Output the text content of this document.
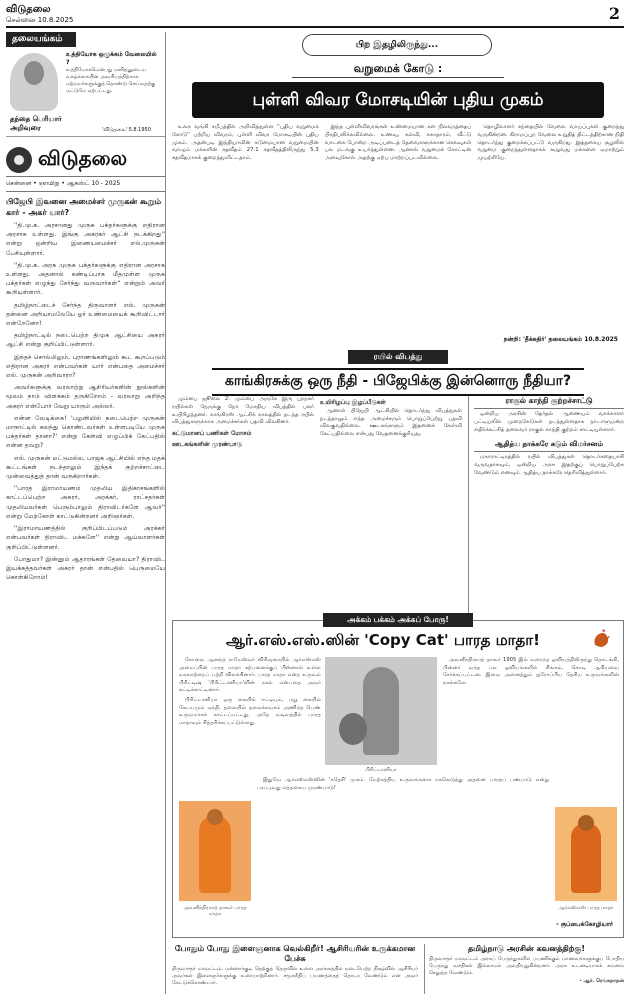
விடுதலை
சென்னை 10.8.2025	2
தலையங்கம்
தந்தை பெரியார் அறிவுரை
உத்தியோக ஒழுக்கம் வேலையில் ?
உத்தியோகமென்பது மனிதனுடைய வாழ்க்கையின் அவசியத்திற்காக மற்றவர்களுக்குத் தொண்டு செய்வதற்கு மட்டுமே ஏற்பட்டது.
'விடுதலை' 5.8.1950
விடுதலை
சென்னை • ஞாயிறு • ஆகஸ்ட் 10 - 2025
பிஜேபி இவனை அமைச்சர் முருகன் கூறும் கார் - அகர் யார்?

''தி.மு.க. அரசானது முருக பக்தர்களுக்கு எதிரான அரசாக உள்ளது. இங்கு அகரகர் ஆட்சி நடக்கிறது'' என்று ஒன்றிய இணையமைச்சர் எல்.முருகன் பேசியுள்ளார்.

''தி.மு.க. அரசு முருக பக்தர்களுக்கு எதிரான அரசாக உள்ளது. அதனால் கண்டிப்பாக மீதமுள்ள முருக பக்தர்கள் எழுந்து சேர்ந்து வருவார்கள்'' என்றும் அவர் கூறியுள்ளார்.

தமிழ்நாட்டைச் சேர்ந்த திருவாளர் எல். முருகன் தன்னை அறியாமலேயே ஓர் உண்மையைக் கூறிவிட்டார் என்றேனோ!

தமிழ்நாட்டில் நடைபெற்ற திமுக ஆட்சியை அசுரர் ஆட்சி என்று குறிப்பிட்டுள்ளார்.

இந்தச் சொல்லிலும், புராணங்களிலும் கூட கூறப்படும் எதிரான அசுரர் என்பவர்கள் யார் என்பதை அமைச்சர் எல். முருகன் அறிவாரா?

அவர்களுக்கு வரலாற்று ஆசிரியர்களின் நூல்களின் மூலம் நாம் விளக்கம் தருகிறோம் - வரலாறு அறிந்த அசுரர் என்போர் வேறு யாரும் அல்லர்.

என்ன வேடிக்கை! 'பழனியில் நடைபெற்ற முருகன் மாநாட்டில் கலந்து கொண்டவர்கள் உள்ளபடியே முருக பக்தர்கள் தானா?' என்று கேள்வி எழுப்பிக் கேட்பதில் என்ன தவறு?

எல். முருகன் மட்டுமல்ல, பாஜக ஆட்சியில் எந்த மதக் கூட்டங்கள் நடந்தாலும் இந்தக் குற்றச்சாட்டை முன்வைத்துத் தான் வருகிறார்கள்.

''பாரத இராமாயணம் முதலிய இதிகாசங்களில் காட்டப்பெற்ற அசுரர், அரக்கர், ராட்சதர்கள் முதலியவர்கள் பெரும்பாலும் திராவிடர்களே ஆவர்'' என்று மேற்கோள் காட்டுகின்றனர் அறிஞர்கள்.

''இராமாயணத்தில் குறிப்பிடப்படும் அரக்கர் என்பவர்கள் திராவிட மக்களே'' என்று ஆய்வாளர்கள் குறிப்பிட்டுள்ளனர்.

போதுமா? இன்னும் ஆதாரங்கள் தேவையா? திராவிட இயக்கத்தவர்கள் அசுரர் தான் என்பதில் பெருமையே கொள்கிறோம்!

பிற இதழிலிருந்து...
வறுமைக் கோடு :
புள்ளி விவர மோசடியின் புதிய முகம்

உலக வங்கி சமீபத்தில் அறிவித்துள்ள ''புதிய வறுமைக் கோடு'' பற்றிய விவரம், புள்ளி விவர மோசடியின் புதிய முகம். அதன்படி இந்தியாவின் கடுமையான வறுமையின் வாழும் மக்களின் சதவீதம் 27.1 சதவீதத்திலிருந்து 5.3 சதவீதமாகக் குறைந்துவிட்டதாம்.

இந்த புள்ளிவிவரங்கள் உண்மையான கள நிலவரத்தைப் பிரதிபலிக்கவில்லை. உணவு, கல்வி, சுகாதாரம், வீட்டு வாடகை போன்ற அடிப்படைத் தேவைகளுக்கான செலவுகள் பல மடங்கு உயர்ந்துள்ளன. ஆனால் வறுமைக் கோட்டின் அளவுகோல் அதற்கு ஏற்ப மாற்றப்படவில்லை.

தொழிலாளர் சந்தையில் வேலை வாய்ப்புகள் குறைந்து வருகின்றன. கிராமப்புற வேலை உறுதித் திட்டத்திற்கான நிதி தொடர்ந்து குறைக்கப்பட்டு வருகிறது. இத்தகைய சூழலில் வறுமை குறைந்துள்ளதாகக் கூறுவது மக்களை ஏமாற்றும் முயற்சியே.

நன்றி: 'தீக்கதிர்' தலையங்கம் 10.8.2025
ரயில் விபத்து
காங்கிரசுக்கு ஒரு நீதி - பிஜேபிக்கு இன்னொரு நீதியா?

மும்பை ஜூலை 2: மும்பை அருகே இரு புறநகர் ரயில்கள் நேருக்கு நேர் மோதிய விபத்தில் பலர் உயிரிழந்தனர். காங்கிரஸ் ஆட்சிக் காலத்தில் நடந்த ரயில் விபத்துகளுக்காக அமைச்சர்கள் பதவி விலகினர்.

கட்டுமானப் பணிகள் மோசம்
ஊடகங்களின் முரண்பாடு
உயிரிழப்பு இழப்பீடுகள்

ஆனால் பிஜேபி ஆட்சியில் தொடர்ந்து விபத்துகள் நடந்தாலும் எந்த அமைச்சரும் பொறுப்பேற்று பதவி விலகுவதில்லை. ஊடகங்களும் இதனைக் கேள்வி கேட்பதில்லை என்பது வேதனைக்குரியது.

ராகுல் காந்தி குற்றச்சாட்டு

ஒன்றிய அரசின் தேர்தல் ஆணையம் வாக்காளர் பட்டியலில் முறைகேடுகள் நடந்துள்ளதாக நாடாளுமன்ற எதிர்க்கட்சித் தலைவர் ராகுல் காந்தி குற்றம் சாட்டியுள்ளார்.

ஆதித்ய தாக்கரே கடும் விமர்சனம்

மகாராட்டிரத்தில் ரயில் விபத்துகள் தொடர்கதையாகி வருவதாகவும், ஒன்றிய அரசு இதற்குப் பொறுப்பேற்க வேண்டும் எனவும் ஆதித்ய தாக்கரே தெரிவித்துள்ளார்.

அக்கம் பக்கம் அக்கப் போரு!
ஆர்.எஸ்.எஸ்.ஸின் 'Copy Cat' பாரத மாதா!

கோவை ஆனந்த் ராமேஸ்வர் விரிவுரையில் ஆர்எஸ்எஸ் அமைப்பின் பாரத மாதா கற்பனைக்குப் பின்னால் உள்ள வரலாற்றைப் பற்றி விளக்கினார். பாரத மாதா என்ற உருவம் பிரிட்டிஷ் 'பிரிட்டானியா'வின் நகல் என்பதை அவர் சுட்டிக்காட்டினார்.

பிரிட்டானியா ஒரு கையில் ஈட்டியும், மறு கையில் கேடயமும் ஏந்தி, தலையில் தலைக்கவசம் அணிந்த பெண் உருவமாகக் காட்டப்பட்டது. அதே வடிவத்தில் பாரத மாதாவும் சித்தரிக்கப்பட்டுள்ளது.

பிரிட்டானியா

அவனீந்திரநாத் தாகூர் 1905 இல் வரைந்த ஓவியத்திலிருந்து தொடங்கி, பின்னர் வந்த பல ஓவியங்களில் சிங்கம், கொடி ஆகியவை சேர்க்கப்பட்டன. இவை அனைத்தும் ஐரோப்பிய தேசிய உருவங்களின் நகல்களே.

அவனீந்திரநாத் தாகூர் பாரத மாதா

இதுவே ஆர்எஸ்எஸ்ஸின் 'சுதேசி' முகம். மேற்கத்திய உருவங்களை நகலெடுத்து அதனை பாரதப் பண்பாடு என்று பரப்புவது எத்தகைய முரண்பாடு!

ஆர்எஸ்எஸ் பாரத மாதா
- குப்பைக்கோழியார்
போதும் போது இளைஞனாக வெல்கிறீர்! ஆசிரியரின் உருக்கமான பேச்சு
திருவாரூர் மாவட்டம், மன்னார்குடி தெற்குத் தெருவில் உள்ள அரங்கத்தில் நடைபெற்ற நிகழ்வில் ஆசிரியர் அவர்கள் இளைஞர்களுக்கு உரையாற்றினார். சமூகநீதிப் பயணத்தைத் தொடர வேண்டும் என அவர் கேட்டுக்கொண்டார்.
தமிழ்நாடு அரசின் கவனத்திற்கு!
திருவாரூர் மாவட்டம் அரசுப் பேருந்துகளில் பயணிக்கும் மாணவர்களுக்குப் போதிய பேருந்து வசதிகள் இல்லாமல் அவதியுறுகின்றனர். அரசு உடனடியாகக் கவனம் செலுத்த வேண்டும்.
- ஆர். ரெங்கநாதன்
